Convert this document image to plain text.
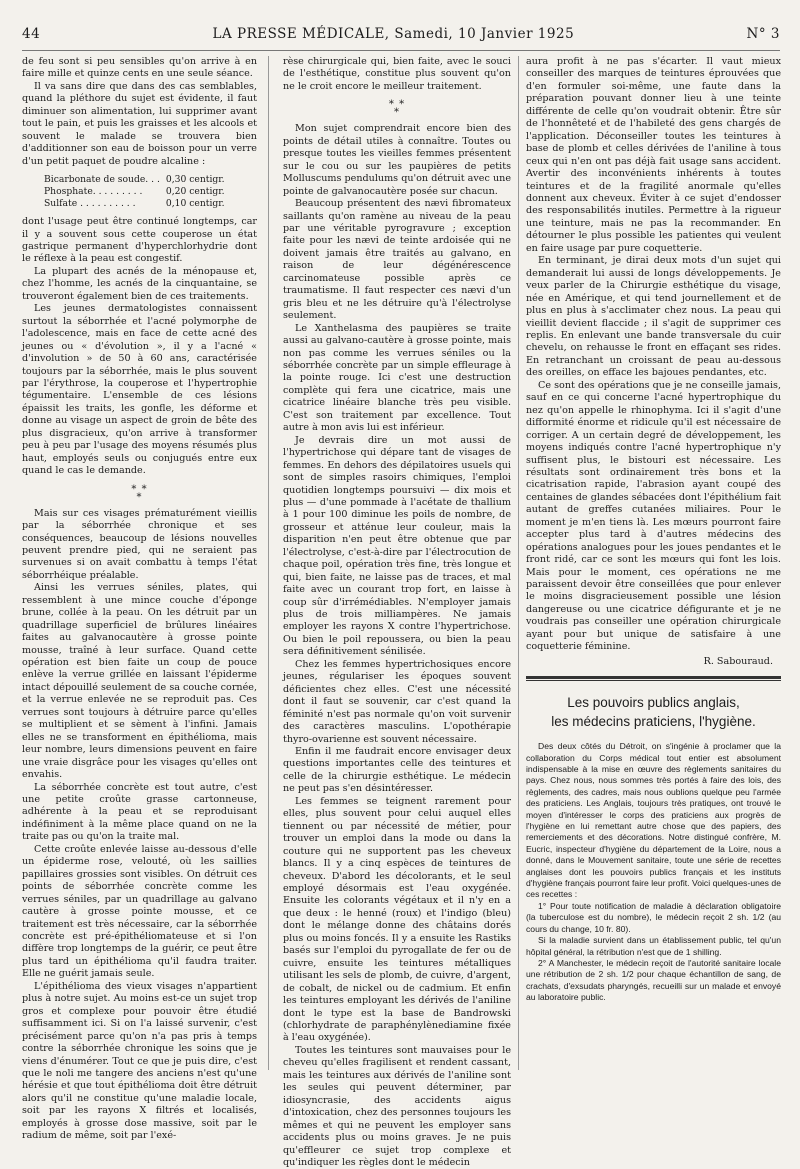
44	LA PRESSE MÉDICALE, Samedi, 10 Janvier 1925	N° 3

de feu sont si peu sensibles qu'on arrive à en faire mille et quinze cents en une seule séance.

Il va sans dire que dans des cas semblables, quand la pléthore du sujet est évidente, il faut diminuer son alimentation, lui supprimer avant tout le pain, et puis les graisses et les alcools et souvent le malade se trouvera bien d'additionner son eau de boisson pour un verre d'un petit paquet de poudre alcaline :

Bicarbonate de soude. . .	0,30 centigr.
Phosphate. . . . . . . . .	0,20 centigr.
Sulfate . . . . . . . . . .	0,10 centigr.

dont l'usage peut être continué longtemps, car il y a souvent sous cette couperose un état gastrique permanent d'hyperchlorhydrie dont le réflexe à la peau est congestif.

La plupart des acnés de la ménopause et, chez l'homme, les acnés de la cinquantaine, se trouveront également bien de ces traitements.

Les jeunes dermatologistes connaissent surtout la séborrhée et l'acné polymorphe de l'adolescence, mais en face de cette acné des jeunes ou « d'évolution », il y a l'acné « d'involution » de 50 à 60 ans, caractérisée toujours par la séborrhée, mais le plus souvent par l'érythrose, la couperose et l'hypertrophie tégumentaire. L'ensemble de ces lésions épaissit les traits, les gonfle, les déforme et donne au visage un aspect de groin de bête des plus disgracieux, qu'on arrive à transformer peu à peu par l'usage des moyens résumés plus haut, employés seuls ou conjugués entre eux quand le cas le demande.

* *
*

Mais sur ces visages prématurément vieillis par la séborrhée chronique et ses conséquences, beaucoup de lésions nouvelles peuvent prendre pied, qui ne seraient pas survenues si on avait combattu à temps l'état séborrhéique préalable.

Ainsi les verrues séniles, plates, qui ressemblent à une mince couche d'éponge brune, collée à la peau. On les détruit par un quadrillage superficiel de brûlures linéaires faites au galvanocautère à grosse pointe mousse, traîné à leur surface. Quand cette opération est bien faite un coup de pouce enlève la verrue grillée en laissant l'épiderme intact dépouillé seulement de sa couche cornée, et la verrue enlevée ne se reproduit pas. Ces verrues sont toujours à détruire parce qu'elles se multiplient et se sèment à l'infini. Jamais elles ne se transforment en épithélioma, mais leur nombre, leurs dimensions peuvent en faire une vraie disgrâce pour les visages qu'elles ont envahis.

La séborrhée concrète est tout autre, c'est une petite croûte grasse cartonneuse, adhérente à la peau et se reproduisant indéfiniment à la même place quand on ne la traite pas ou qu'on la traite mal.

Cette croûte enlevée laisse au-dessous d'elle un épiderme rose, velouté, où les saillies papillaires grossies sont visibles. On détruit ces points de séborrhée concrète comme les verrues séniles, par un quadrillage au galvano cautère à grosse pointe mousse, et ce traitement est très nécessaire, car la séborrhée concrète est pré-épithéliomateuse et si l'on diffère trop longtemps de la guérir, ce peut être plus tard un épithélioma qu'il faudra traiter. Elle ne guérit jamais seule.

L'épithélioma des vieux visages n'appartient plus à notre sujet. Au moins est-ce un sujet trop gros et complexe pour pouvoir être étudié suffisamment ici. Si on l'a laissé survenir, c'est précisément parce qu'on n'a pas pris à temps contre la séborrhée chronique les soins que je viens d'énumérer. Tout ce que je puis dire, c'est que le noli me tangere des anciens n'est qu'une hérésie et que tout épithélioma doit être détruit alors qu'il ne constitue qu'une maladie locale, soit par les rayons X filtrés et localisés, employés à grosse dose massive, soit par le radium de même, soit par l'exé-

rèse chirurgicale qui, bien faite, avec le souci de l'esthétique, constitue plus souvent qu'on ne le croit encore le meilleur traitement.

* *
*

Mon sujet comprendrait encore bien des points de détail utiles à connaître. Toutes ou presque toutes les vieilles femmes présentent sur le cou ou sur les paupières de petits Molluscums pendulums qu'on détruit avec une pointe de galvanocautère posée sur chacun.

Beaucoup présentent des nævi fibromateux saillants qu'on ramène au niveau de la peau par une véritable pyrogravure ; exception faite pour les nævi de teinte ardoisée qui ne doivent jamais être traités au galvano, en raison de leur dégénérescence carcinomateuse possible après ce traumatisme. Il faut respecter ces nævi d'un gris bleu et ne les détruire qu'à l'électrolyse seulement.

Le Xanthelasma des paupières se traite aussi au galvano-cautère à grosse pointe, mais non pas comme les verrues séniles ou la séborrhée concrète par un simple effleurage à la pointe rouge. Ici c'est une destruction complète qui fera une cicatrice, mais une cicatrice linéaire blanche très peu visible. C'est son traitement par excellence. Tout autre à mon avis lui est inférieur.

Je devrais dire un mot aussi de l'hypertrichose qui dépare tant de visages de femmes. En dehors des dépilatoires usuels qui sont de simples rasoirs chimiques, l'emploi quotidien longtemps poursuivi — dix mois et plus — d'une pommade à l'acétate de thallium à 1 pour 100 diminue les poils de nombre, de grosseur et atténue leur couleur, mais la disparition n'en peut être obtenue que par l'électrolyse, c'est-à-dire par l'électrocution de chaque poil, opération très fine, très longue et qui, bien faite, ne laisse pas de traces, et mal faite avec un courant trop fort, en laisse à coup sûr d'irrémédiables. N'employer jamais plus de trois milliampères. Ne jamais employer les rayons X contre l'hypertrichose. Ou bien le poil repoussera, ou bien la peau sera définitivement sénilisée.

Chez les femmes hypertrichosiques encore jeunes, régulariser les époques souvent déficientes chez elles. C'est une nécessité dont il faut se souvenir, car c'est quand la féminité n'est pas normale qu'on voit survenir des caractères masculins. L'opothérapie thyro-ovarienne est souvent nécessaire.

Enfin il me faudrait encore envisager deux questions importantes celle des teintures et celle de la chirurgie esthétique. Le médecin ne peut pas s'en désintéresser.

Les femmes se teignent rarement pour elles, plus souvent pour celui auquel elles tiennent ou par nécessité de métier, pour trouver un emploi dans la mode ou dans la couture qui ne supportent pas les cheveux blancs. Il y a cinq espèces de teintures de cheveux. D'abord les décolorants, et le seul employé désormais est l'eau oxygénée. Ensuite les colorants végétaux et il n'y en a que deux : le henné (roux) et l'indigo (bleu) dont le mélange donne des châtains dorés plus ou moins foncés. Il y a ensuite les Rastiks basés sur l'emploi du pyrogallate de fer ou de cuivre, ensuite les teintures métalliques utilisant les sels de plomb, de cuivre, d'argent, de cobalt, de nickel ou de cadmium. Et enfin les teintures employant les dérivés de l'aniline dont le type est la base de Bandrowski (chlorhydrate de paraphénylènediamine fixée à l'eau oxygénée).

Toutes les teintures sont mauvaises pour le cheveu qu'elles fragilisent et rendent cassant, mais les teintures aux dérivés de l'aniline sont les seules qui peuvent déterminer, par idiosyncrasie, des accidents aigus d'intoxication, chez des personnes toujours les mêmes et qui ne peuvent les employer sans accidents plus ou moins graves. Je ne puis qu'effleurer ce sujet trop complexe et qu'indiquer les règles dont le médecin

aura profit à ne pas s'écarter. Il vaut mieux conseiller des marques de teintures éprouvées que d'en formuler soi-même, une faute dans la préparation pouvant donner lieu à une teinte différente de celle qu'on voudrait obtenir. Être sûr de l'honnêteté et de l'habileté des gens chargés de l'application. Déconseiller toutes les teintures à base de plomb et celles dérivées de l'aniline à tous ceux qui n'en ont pas déjà fait usage sans accident. Avertir des inconvénients inhérents à toutes teintures et de la fragilité anormale qu'elles donnent aux cheveux. Éviter à ce sujet d'endosser des responsabilités inutiles. Permettre à la rigueur une teinture, mais ne pas la recommander. En détourner le plus possible les patientes qui veulent en faire usage par pure coquetterie.

En terminant, je dirai deux mots d'un sujet qui demanderait lui aussi de longs développements. Je veux parler de la Chirurgie esthétique du visage, née en Amérique, et qui tend journellement et de plus en plus à s'acclimater chez nous. La peau qui vieillit devient flaccide ; il s'agit de supprimer ces replis. En enlevant une bande transversale du cuir chevelu, on rehausse le front en effaçant ses rides. En retranchant un croissant de peau au-dessous des oreilles, on efface les bajoues pendantes, etc.

Ce sont des opérations que je ne conseille jamais, sauf en ce qui concerne l'acné hypertrophique du nez qu'on appelle le rhinophyma. Ici il s'agit d'une difformité énorme et ridicule qu'il est nécessaire de corriger. A un certain degré de développement, les moyens indiqués contre l'acné hypertrophique n'y suffisent plus, le bistouri est nécessaire. Les résultats sont ordinairement très bons et la cicatrisation rapide, l'abrasion ayant coupé des centaines de glandes sébacées dont l'épithélium fait autant de greffes cutanées miliaires. Pour le moment je m'en tiens là. Les mœurs pourront faire accepter plus tard à d'autres médecins des opérations analogues pour les joues pendantes et le front ridé, car ce sont les mœurs qui font les lois. Mais pour le moment, ces opérations ne me paraissent devoir être conseillées que pour enlever le moins disgracieusement possible une lésion dangereuse ou une cicatrice défigurante et je ne voudrais pas conseiller une opération chirurgicale ayant pour but unique de satisfaire à une coquetterie féminine.

R. Sabouraud.
Les pouvoirs publics anglais,
les médecins praticiens, l'hygiène.

Des deux côtés du Détroit, on s'ingénie à proclamer que la collaboration du Corps médical tout entier est absolument indispensable à la mise en œuvre des règlements sanitaires du pays. Chez nous, nous sommes très portés à faire des lois, des règlements, des cadres, mais nous oublions quelque peu l'armée des praticiens. Les Anglais, toujours très pratiques, ont trouvé le moyen d'intéresser le corps des praticiens aux progrès de l'hygiène en lui remettant autre chose que des papiers, des remerciements et des décorations. Notre distingué confrère, M. Eucric, inspecteur d'hygiène du département de la Loire, nous a donné, dans le Mouvement sanitaire, toute une série de recettes anglaises dont les pouvoirs publics français et les instituts d'hygiène français pourront faire leur profit. Voici quelques-unes de ces recettes :

1° Pour toute notification de maladie à déclaration obligatoire (la tuberculose est du nombre), le médecin reçoit 2 sh. 1/2 (au cours du change, 10 fr. 80).

Si la maladie survient dans un établissement public, tel qu'un hôpital général, la rétribution n'est que de 1 shilling.

2° A Manchester, le médecin reçoit de l'autorité sanitaire locale une rétribution de 2 sh. 1/2 pour chaque échantillon de sang, de crachats, d'exsudats pharyngés, recueilli sur un malade et envoyé au laboratoire public.
